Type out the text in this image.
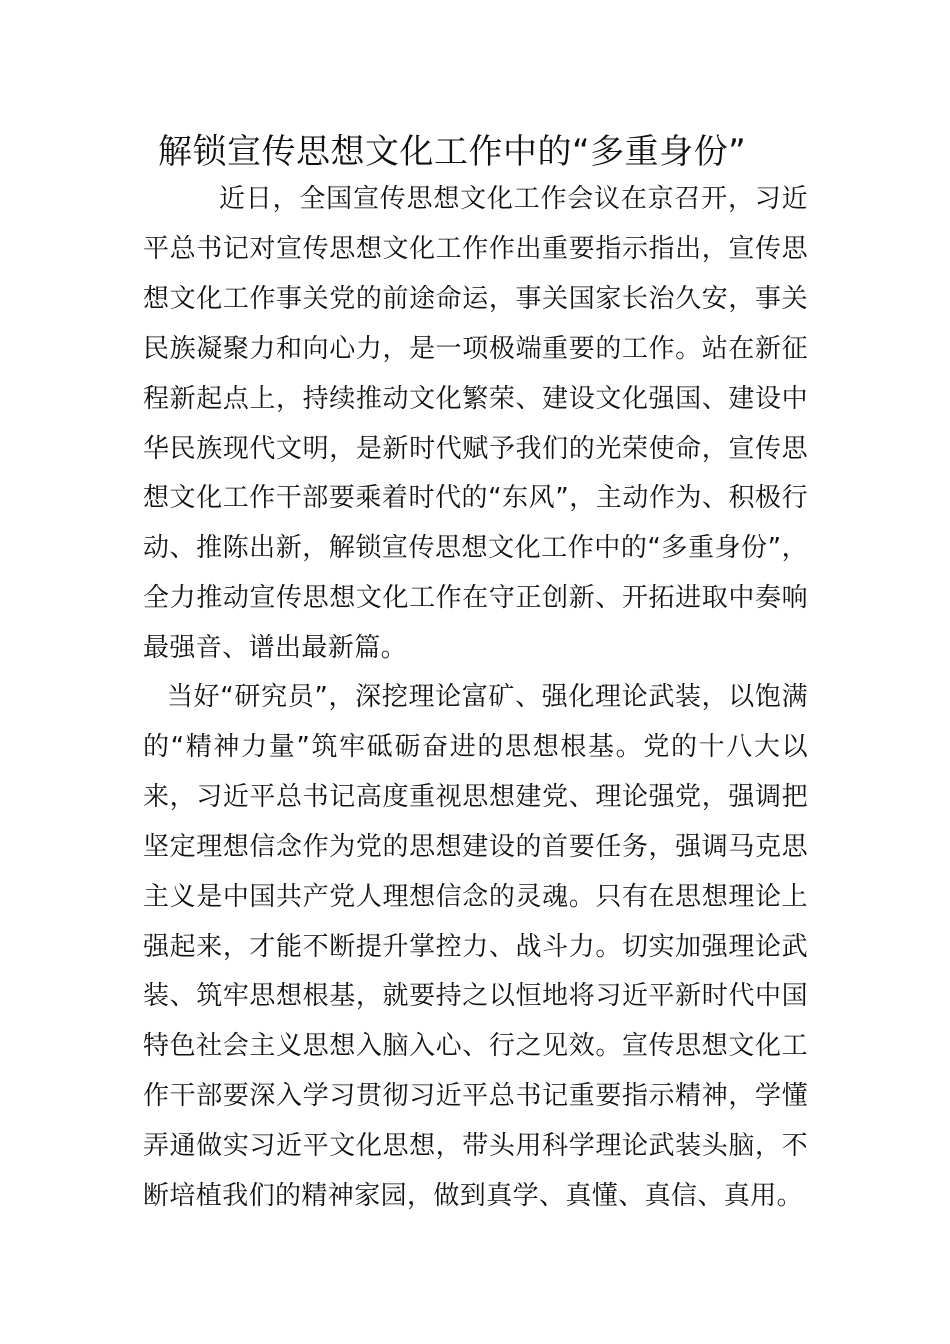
解锁宣传思想文化工作中的“多重身份”

近日，全国宣传思想文化工作会议在京召开，习近平总书记对宣传思想文化工作作出重要指示指出，宣传思想文化工作事关党的前途命运，事关国家长治久安，事关民族凝聚力和向心力，是一项极端重要的工作。站在新征程新起点上，持续推动文化繁荣、建设文化强国、建设中华民族现代文明，是新时代赋予我们的光荣使命，宣传思想文化工作干部要乘着时代的“东风”，主动作为、积极行动、推陈出新，解锁宣传思想文化工作中的“多重身份”，全力推动宣传思想文化工作在守正创新、开拓进取中奏响最强音、谱出最新篇。

当好“研究员”，深挖理论富矿、强化理论武装，以饱满的“精神力量”筑牢砥砺奋进的思想根基。党的十八大以来，习近平总书记高度重视思想建党、理论强党，强调把坚定理想信念作为党的思想建设的首要任务，强调马克思主义是中国共产党人理想信念的灵魂。只有在思想理论上强起来，才能不断提升掌控力、战斗力。切实加强理论武装、筑牢思想根基，就要持之以恒地将习近平新时代中国特色社会主义思想入脑入心、行之见效。宣传思想文化工作干部要深入学习贯彻习近平总书记重要指示精神，学懂弄通做实习近平文化思想，带头用科学理论武装头脑，不断培植我们的精神家园，做到真学、真懂、真信、真用。
